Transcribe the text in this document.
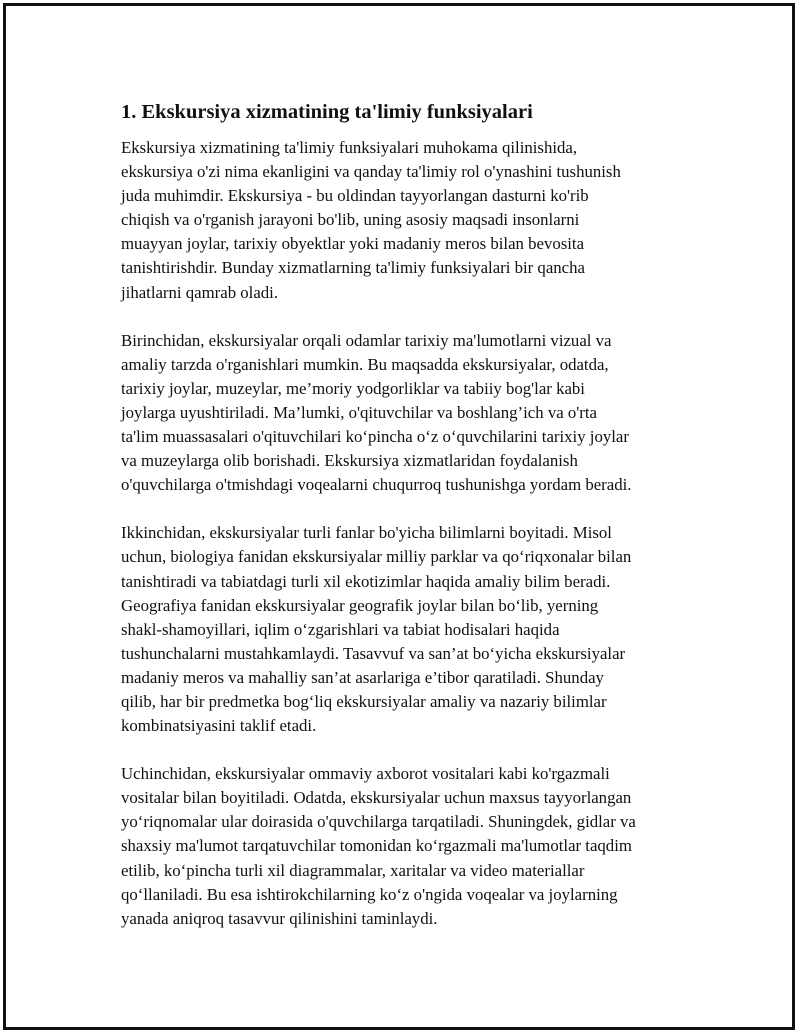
1. Ekskursiya xizmatining ta'limiy funksiyalari

Ekskursiya xizmatining ta'limiy funksiyalari muhokama qilinishida,
ekskursiya o'zi nima ekanligini va qanday ta'limiy rol o'ynashini tushunish
juda muhimdir. Ekskursiya - bu oldindan tayyorlangan dasturni ko'rib
chiqish va o'rganish jarayoni bo'lib, uning asosiy maqsadi insonlarni
muayyan joylar, tarixiy obyektlar yoki madaniy meros bilan bevosita
tanishtirishdir. Bunday xizmatlarning ta'limiy funksiyalari bir qancha
jihatlarni qamrab oladi.

Birinchidan, ekskursiyalar orqali odamlar tarixiy ma'lumotlarni vizual va
amaliy tarzda o'rganishlari mumkin. Bu maqsadda ekskursiyalar, odatda,
tarixiy joylar, muzeylar, me’moriy yodgorliklar va tabiiy bog'lar kabi
joylarga uyushtiriladi. Ma’lumki, o'qituvchilar va boshlang’ich va o'rta
ta'lim muassasalari o'qituvchilari ko‘pincha o‘z o‘quvchilarini tarixiy joylar
va muzeylarga olib borishadi. Ekskursiya xizmatlaridan foydalanish
o'quvchilarga o'tmishdagi voqealarni chuqurroq tushunishga yordam beradi.

Ikkinchidan, ekskursiyalar turli fanlar bo'yicha bilimlarni boyitadi. Misol
uchun, biologiya fanidan ekskursiyalar milliy parklar va qo‘riqxonalar bilan
tanishtiradi va tabiatdagi turli xil ekotizimlar haqida amaliy bilim beradi.
Geografiya fanidan ekskursiyalar geografik joylar bilan bo‘lib, yerning
shakl-shamoyillari, iqlim o‘zgarishlari va tabiat hodisalari haqida
tushunchalarni mustahkamlaydi. Tasavvuf va san’at bo‘yicha ekskursiyalar
madaniy meros va mahalliy san’at asarlariga e’tibor qaratiladi. Shunday
qilib, har bir predmetka bog‘liq ekskursiyalar amaliy va nazariy bilimlar
kombinatsiyasini taklif etadi.

Uchinchidan, ekskursiyalar ommaviy axborot vositalari kabi ko'rgazmali
vositalar bilan boyitiladi. Odatda, ekskursiyalar uchun maxsus tayyorlangan
yo‘riqnomalar ular doirasida o'quvchilarga tarqatiladi. Shuningdek, gidlar va
shaxsiy ma'lumot tarqatuvchilar tomonidan ko‘rgazmali ma'lumotlar taqdim
etilib, ko‘pincha turli xil diagrammalar, xaritalar va video materiallar
qo‘llaniladi. Bu esa ishtirokchilarning ko‘z o'ngida voqealar va joylarning
yanada aniqroq tasavvur qilinishini taminlaydi.
